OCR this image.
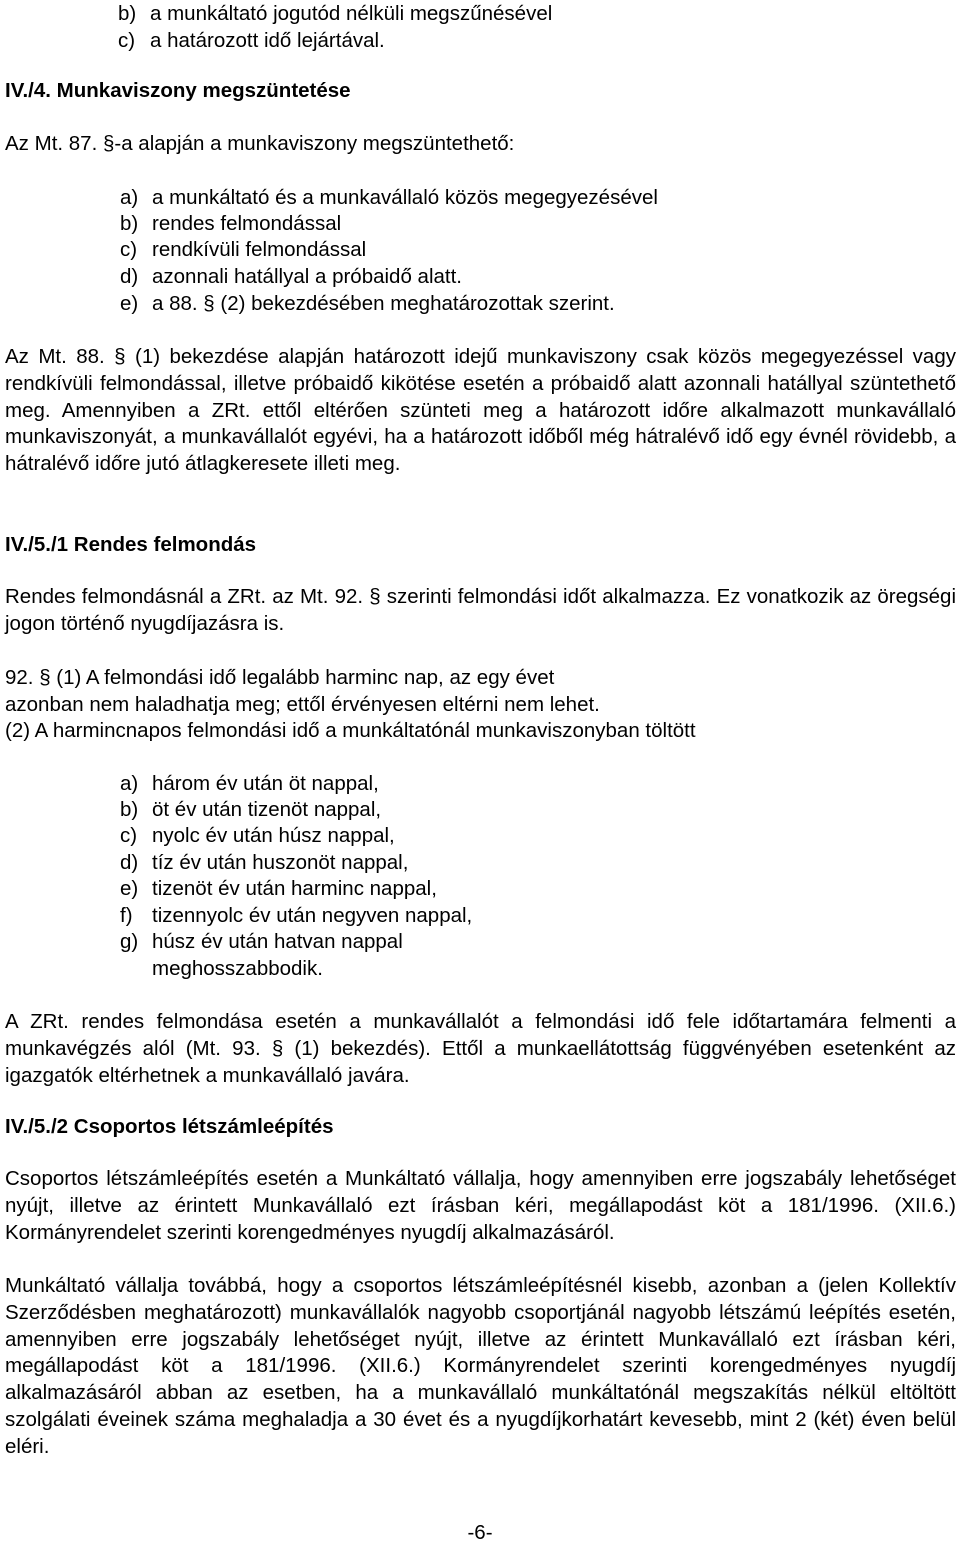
b) a munkáltató jogutód nélküli megszűnésével
c) a határozott idő lejártával.
IV./4. Munkaviszony megszüntetése
Az Mt. 87. §-a alapján a munkaviszony megszüntethető:
a) a munkáltató és a munkavállaló közös megegyezésével
b) rendes felmondással
c) rendkívüli felmondással
d) azonnali hatállyal a próbaidő alatt.
e) a 88. § (2) bekezdésében meghatározottak szerint.

Az Mt. 88. § (1) bekezdése alapján határozott idejű munkaviszony csak közös megegyezéssel vagy rendkívüli felmondással, illetve próbaidő kikötése esetén a próbaidő alatt azonnali hatállyal szüntethető meg. Amennyiben a ZRt. ettől eltérően szünteti meg a határozott időre alkalmazott munkavállaló munkaviszonyát, a munkavállalót egyévi, ha a határozott időből még hátralévő idő egy évnél rövidebb, a hátralévő időre jutó átlagkeresete illeti meg.

IV./5./1 Rendes felmondás

Rendes felmondásnál a ZRt. az Mt. 92. § szerinti felmondási időt alkalmazza. Ez vonatkozik az öregségi jogon történő nyugdíjazásra is.

92. § (1) A felmondási idő legalább harminc nap, az egy évet
azonban nem haladhatja meg; ettől érvényesen eltérni nem lehet.
(2) A harmincnapos felmondási idő a munkáltatónál munkaviszonyban töltött
a) három év után öt nappal,
b) öt év után tizenöt nappal,
c) nyolc év után húsz nappal,
d) tíz év után huszonöt nappal,
e) tizenöt év után harminc nappal,
f) tizennyolc év után negyven nappal,
g) húsz év után hatvan nappal
meghosszabbodik.

A ZRt. rendes felmondása esetén a munkavállalót a felmondási idő fele időtartamára felmenti a munkavégzés alól (Mt. 93. § (1) bekezdés). Ettől a munkaellátottság függvényében esetenként az igazgatók eltérhetnek a munkavállaló javára.

IV./5./2 Csoportos létszámleépítés

Csoportos létszámleépítés esetén a Munkáltató vállalja, hogy amennyiben erre jogszabály lehetőséget nyújt, illetve az érintett Munkavállaló ezt írásban kéri, megállapodást köt a 181/1996. (XII.6.) Kormányrendelet szerinti korengedményes nyugdíj alkalmazásáról.

Munkáltató vállalja továbbá, hogy a csoportos létszámleépítésnél kisebb, azonban a (jelen Kollektív Szerződésben meghatározott) munkavállalók nagyobb csoportjánál nagyobb létszámú leépítés esetén, amennyiben erre jogszabály lehetőséget nyújt, illetve az érintett Munkavállaló ezt írásban kéri, megállapodást köt a 181/1996. (XII.6.) Kormányrendelet szerinti korengedményes nyugdíj alkalmazásáról abban az esetben, ha a munkavállaló munkáltatónál megszakítás nélkül eltöltött szolgálati éveinek száma meghaladja a 30 évet és a nyugdíjkorhatárt kevesebb, mint 2 (két) éven belül eléri.

-6-
